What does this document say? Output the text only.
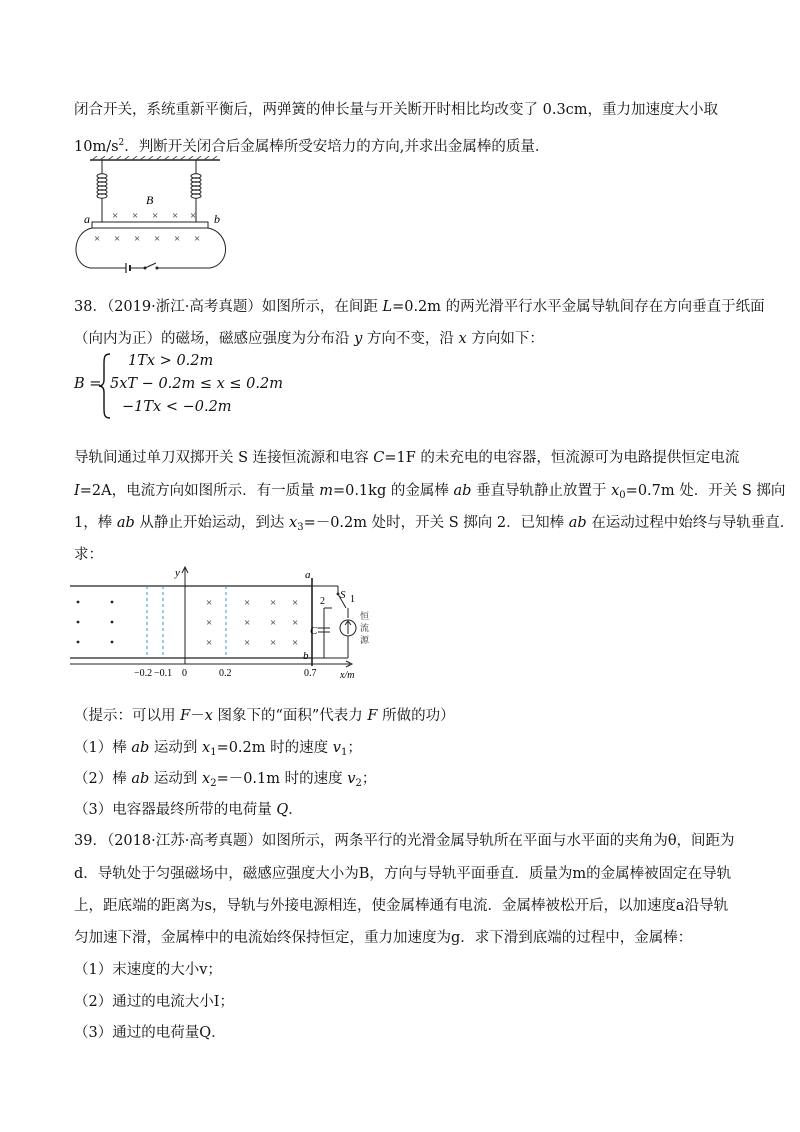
闭合开关，系统重新平衡后，两弹簧的伸长量与开关断开时相比均改变了 0.3cm，重力加速度大小取
$10m/s^2$．判断开关闭合后金属棒所受安培力的方向,并求出金属棒的质量．
× × × × ×
× × × × × ×
B
a	b
38．（2019·浙江·高考真题）如图所示，在间距 L=0.2m 的两光滑平行水平金属导轨间存在方向垂直于纸面
（向内为正）的磁场，磁感应强度为分布沿 y 方向不变，沿 x 方向如下：
B =
1Tx > 0.2m
5xT − 0.2m ≤ x ≤ 0.2m
−1Tx < −0.2m
导轨间通过单刀双掷开关 S 连接恒流源和电容 C=1F 的未充电的电容器，恒流源可为电路提供恒定电流
I=2A，电流方向如图所示．有一质量 m=0.1kg 的金属棒 ab 垂直导轨静止放置于 $x_0=0.7m$ 处．开关 S 掷向
1，棒 ab 从静止开始运动，到达 $x_3=-0.2m$ 处时，开关 S 掷向 2．已知棒 ab 在运动过程中始终与导轨垂直．
求：
y	a
b
×	× × ×
×	× × ×
×	× × ×
S 1
2
C
恒
流
源
x/m
−0.2 −0.1 0	0.2	0.7
（提示：可以用 F－x 图象下的“面积”代表力 F 所做的功）
（1）棒 ab 运动到 $x_1=0.2m$ 时的速度 $v_1$；
（2）棒 ab 运动到 $x_2=-0.1m$ 时的速度 $v_2$；
（3）电容器最终所带的电荷量 Q．
39．（2018·江苏·高考真题）如图所示，两条平行的光滑金属导轨所在平面与水平面的夹角为θ，间距为
d．导轨处于匀强磁场中，磁感应强度大小为B，方向与导轨平面垂直．质量为m的金属棒被固定在导轨
上，距底端的距离为s，导轨与外接电源相连，使金属棒通有电流．金属棒被松开后，以加速度a沿导轨
匀加速下滑，金属棒中的电流始终保持恒定，重力加速度为g．求下滑到底端的过程中，金属棒：
（1）末速度的大小v；
（2）通过的电流大小I；
（3）通过的电荷量Q．
